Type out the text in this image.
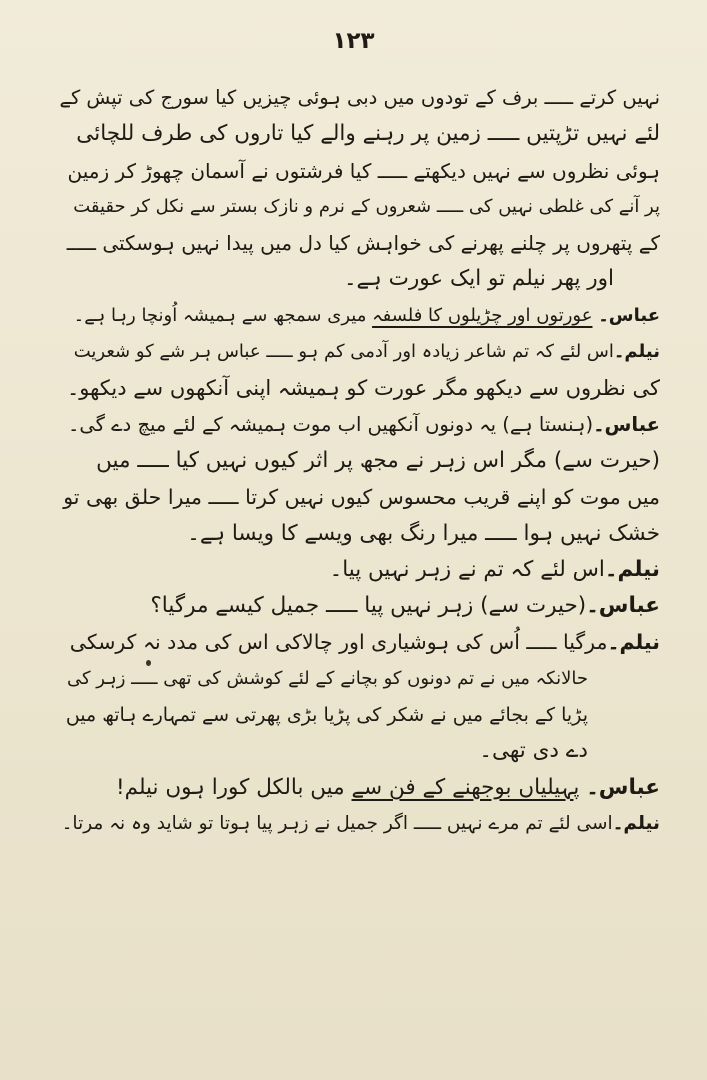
۱۲۳
نہیں کرتے ـــــ برف کے تودوں میں دبی ہوئی چیزیں کیا سورج کی تپش کے
لئے نہیں تڑپتیں ـــــ زمین پر رہنے والے کیا تاروں کی طرف للچائی
ہوئی نظروں سے نہیں دیکھتے ـــــ کیا فرشتوں نے آسمان چھوڑ کر زمین
پر آنے کی غلطی نہیں کی ـــــ شعروں کے نرم و نازک بستر سے نکل کر حقیقت
کے پتھروں پر چلنے پھرنے کی خواہش کیا دل میں پیدا نہیں ہوسکتی ـــــ
اور پھر نیلم تو ایک عورت ہے۔
عباس۔ عورتوں اور چڑیلوں کا فلسفہ میری سمجھ سے ہمیشہ اُونچا رہا ہے۔
نیلم۔اس لئے کہ تم شاعر زیادہ اور آدمی کم ہو ـــــ عباس ہر شے کو شعریت
کی نظروں سے دیکھو مگر عورت کو ہمیشہ اپنی آنکھوں سے دیکھو۔
عباس۔(ہنستا ہے) یہ دونوں آنکھیں اب موت ہمیشہ کے لئے میچ دے گی۔
(حیرت سے) مگر اس زہر نے مجھ پر اثر کیوں نہیں کیا ـــــ میں
میں موت کو اپنے قریب محسوس کیوں نہیں کرتا ـــــ میرا حلق بھی تو
خشک نہیں ہوا ـــــ میرا رنگ بھی ویسے کا ویسا ہے۔
نیلم۔اس لئے کہ تم نے زہر نہیں پیا۔
عباس۔(حیرت سے) زہر نہیں پیا ـــــ جمیل کیسے مرگیا؟
نیلم۔مرگیا ـــــ اُس کی ہوشیاری اور چالاکی اس کی مدد نہ کرسکی
حالانکہ میں نے تم دونوں کو بچانے کے لئے کوشش کی تھی ـــــ زہر کی
پڑیا کے بجائے میں نے شکر کی پڑیا بڑی پھرتی سے تمہارے ہاتھ میں
دے دی تھی۔
عباس۔ پہیلیاں بوجھنے کے فن سے میں بالکل کورا ہوں نیلم!
نیلم۔اسی لئے تم مرے نہیں ـــــ اگر جمیل نے زہر پیا ہوتا تو شاید وہ نہ مرتا۔
